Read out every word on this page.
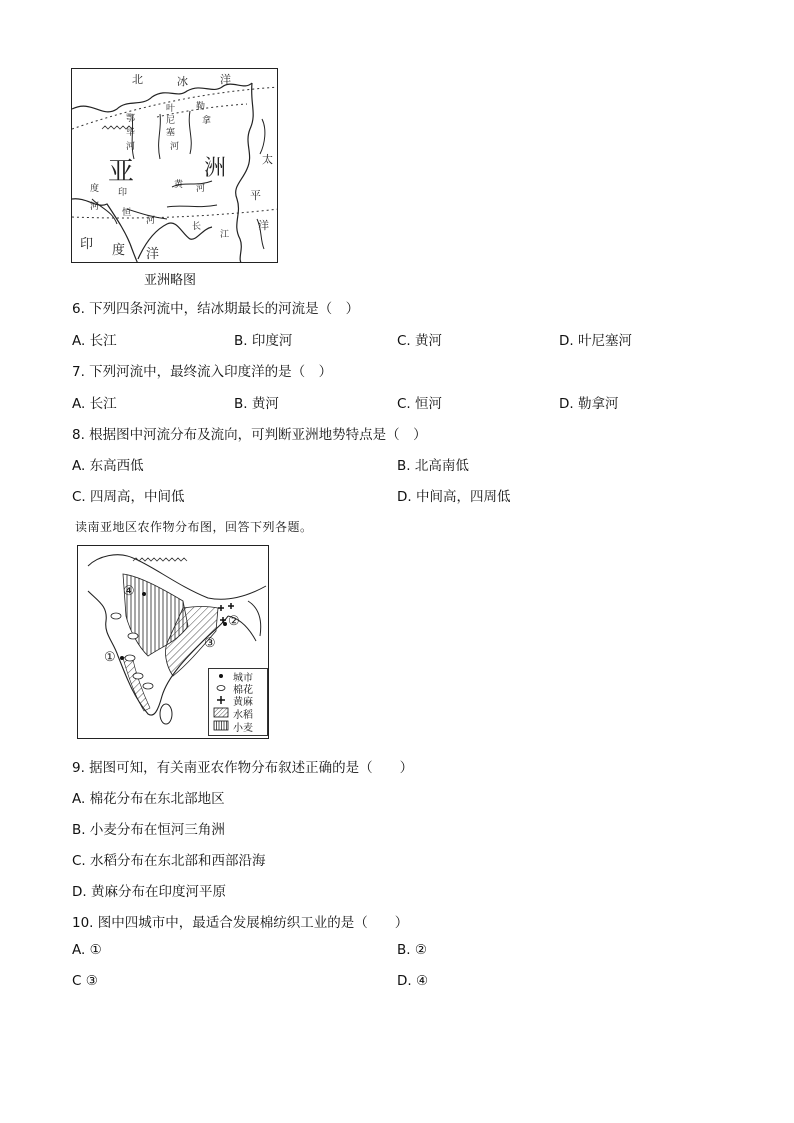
北	冰	洋
叶
尼
塞
勒
拿
鄂
毕
河	河
亚	洲	太
平
洋
度 印
河
黄 河
长
江
恒
河
印 度 洋
亚洲略图
6. 下列四条河流中，结冰期最长的河流是（　）
A. 长江	B. 印度河	C. 黄河	D. 叶尼塞河
7. 下列河流中，最终流入印度洋的是（　）
A. 长江	B. 黄河	C. 恒河	D. 勒拿河
8. 根据图中河流分布及流向，可判断亚洲地势特点是（　）
A. 东高西低	B. 北高南低
C. 四周高，中间低	D. 中间高，四周低
读南亚地区农作物分布图，回答下列各题。
④
②
③
①
城市
棉花
黄麻
水稻
小麦
9. 据图可知，有关南亚农作物分布叙述正确的是（　　）
A. 棉花分布在东北部地区
B. 小麦分布在恒河三角洲
C. 水稻分布在东北部和西部沿海
D. 黄麻分布在印度河平原
10. 图中四城市中，最适合发展棉纺织工业的是（　　）
A. ①	B. ②
C ③	D. ④
